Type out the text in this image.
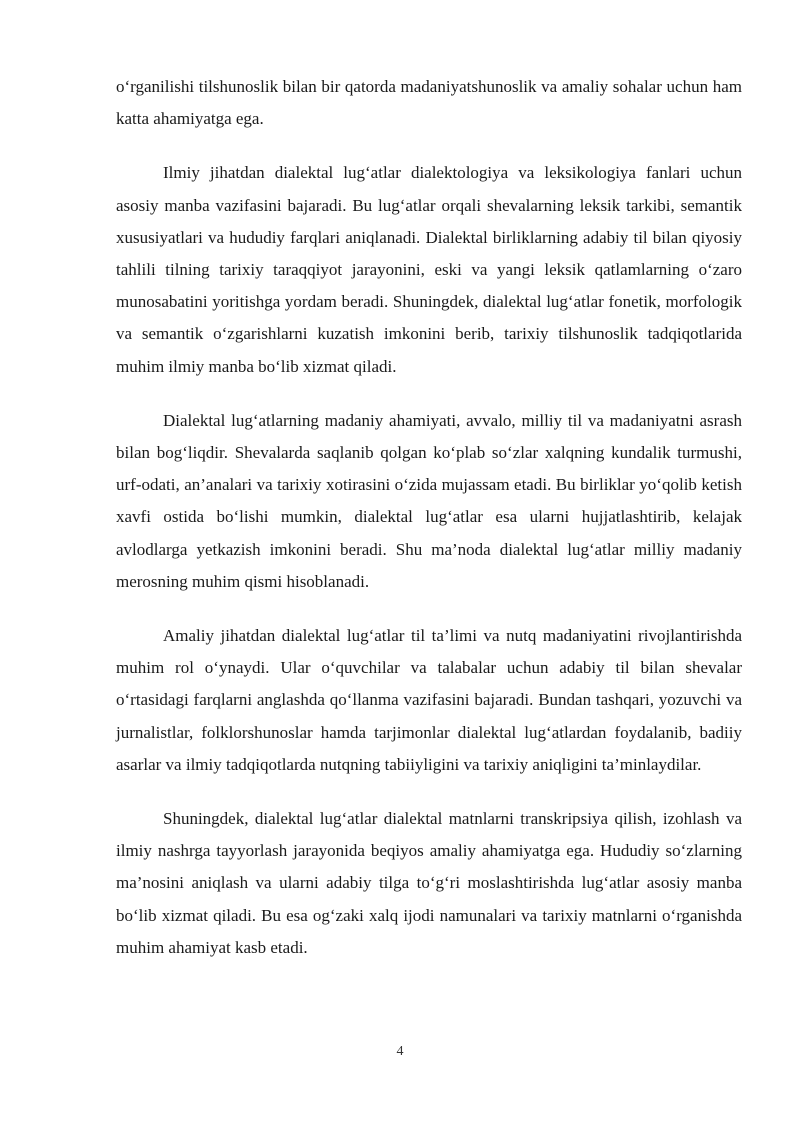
o‘rganilishi tilshunoslik bilan bir qatorda madaniyatshunoslik va amaliy sohalar uchun ham katta ahamiyatga ega.

Ilmiy jihatdan dialektal lug‘atlar dialektologiya va leksikologiya fanlari uchun asosiy manba vazifasini bajaradi. Bu lug‘atlar orqali shevalarning leksik tarkibi, semantik xususiyatlari va hududiy farqlari aniqlanadi. Dialektal birliklarning adabiy til bilan qiyosiy tahlili tilning tarixiy taraqqiyot jarayonini, eski va yangi leksik qatlamlarning o‘zaro munosabatini yoritishga yordam beradi. Shuningdek, dialektal lug‘atlar fonetik, morfologik va semantik o‘zgarishlarni kuzatish imkonini berib, tarixiy tilshunoslik tadqiqotlarida muhim ilmiy manba bo‘lib xizmat qiladi.

Dialektal lug‘atlarning madaniy ahamiyati, avvalo, milliy til va madaniyatni asrash bilan bog‘liqdir. Shevalarda saqlanib qolgan ko‘plab so‘zlar xalqning kundalik turmushi, urf-odati, an’analari va tarixiy xotirasini o‘zida mujassam etadi. Bu birliklar yo‘qolib ketish xavfi ostida bo‘lishi mumkin, dialektal lug‘atlar esa ularni hujjatlashtirib, kelajak avlodlarga yetkazish imkonini beradi. Shu ma’noda dialektal lug‘atlar milliy madaniy merosning muhim qismi hisoblanadi.

Amaliy jihatdan dialektal lug‘atlar til ta’limi va nutq madaniyatini rivojlantirishda muhim rol o‘ynaydi. Ular o‘quvchilar va talabalar uchun adabiy til bilan shevalar o‘rtasidagi farqlarni anglashda qo‘llanma vazifasini bajaradi. Bundan tashqari, yozuvchi va jurnalistlar, folklorshunoslar hamda tarjimonlar dialektal lug‘atlardan foydalanib, badiiy asarlar va ilmiy tadqiqotlarda nutqning tabiiyligini va tarixiy aniqligini ta’minlaydilar.

Shuningdek, dialektal lug‘atlar dialektal matnlarni transkripsiya qilish, izohlash va ilmiy nashrga tayyorlash jarayonida beqiyos amaliy ahamiyatga ega. Hududiy so‘zlarning ma’nosini aniqlash va ularni adabiy tilga to‘g‘ri moslashtirishda lug‘atlar asosiy manba bo‘lib xizmat qiladi. Bu esa og‘zaki xalq ijodi namunalari va tarixiy matnlarni o‘rganishda muhim ahamiyat kasb etadi.

4
